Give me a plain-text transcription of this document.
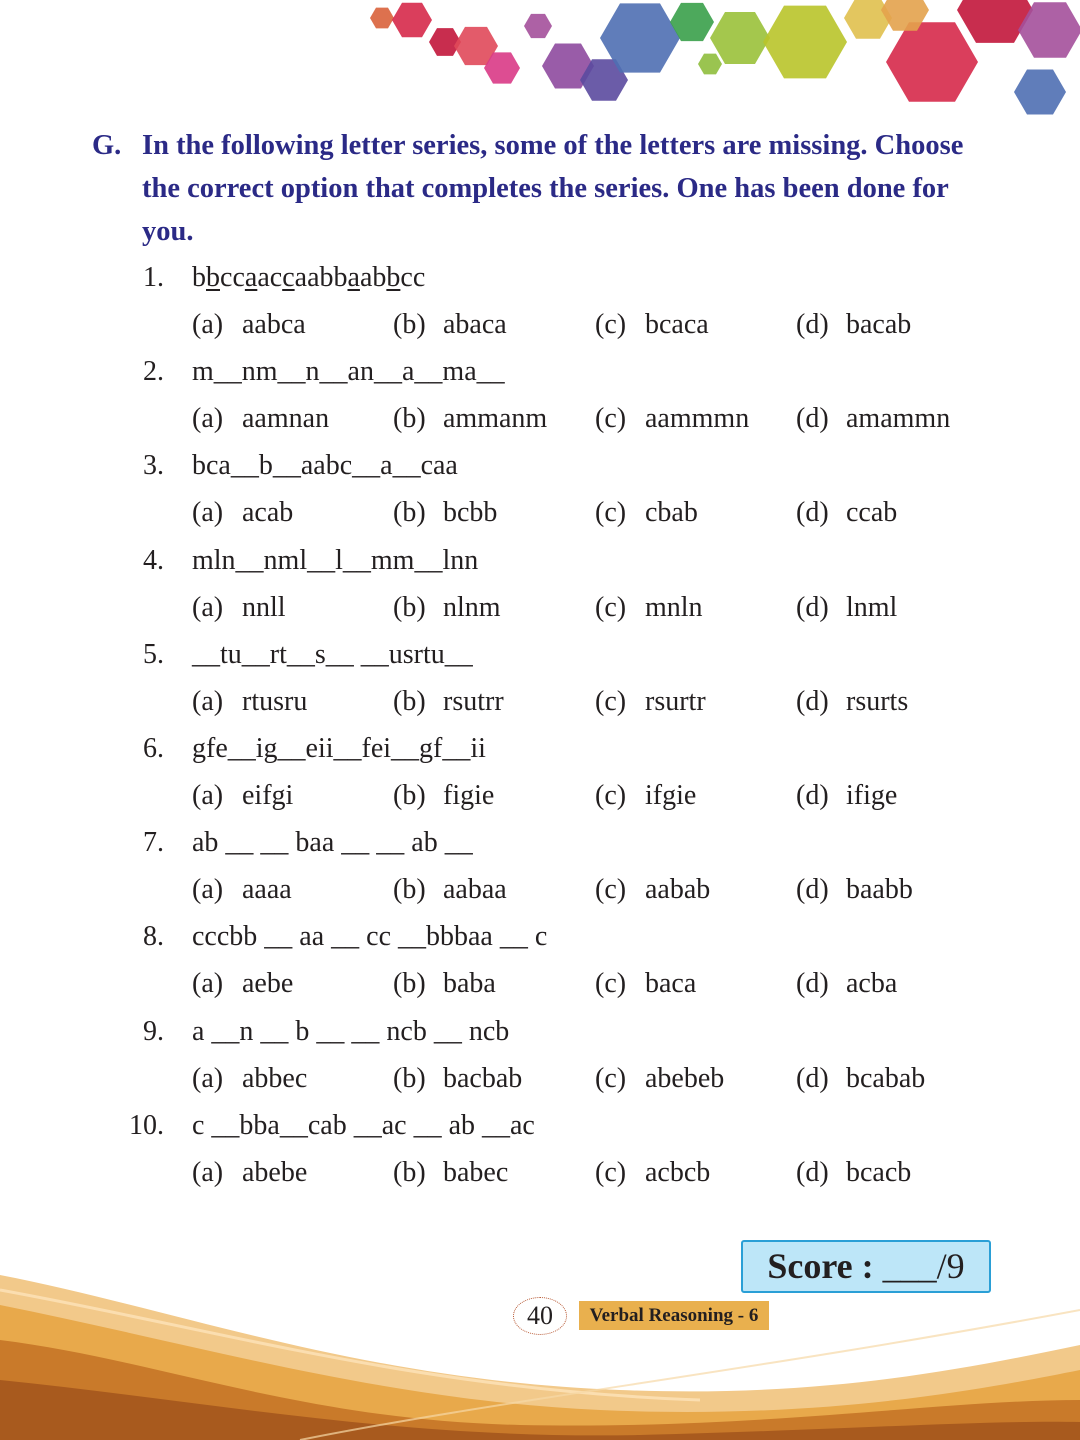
G. In the following letter series, some of the letters are missing. Choose the correct option that completes the series. One has been done for you.
1. bbccaaccaabbaabbcc
(a) aabca	(b) abaca	(c) bcaca	(d) bacab
2. m__nm__n__an__a__ma__
(a) aamnan (b) ammanm (c) aammmn (d) amammn
3. bca__b__aabc__a__caa
(a) acab	(b) bcbb	(c) cbab	(d) ccab
4. mln__nml__l__mm__lnn
(a) nnll	(b) nlnm	(c) mnln	(d) lnml
5. __tu__rt__s__ __usrtu__
(a) rtusru	(b) rsutrr	(c) rsurtr	(d) rsurts
6. gfe__ig__eii__fei__gf__ii
(a) eifgi	(b) figie	(c) ifgie	(d) ifige
7. ab __ __ baa __ __ ab __
(a) aaaa	(b) aabaa	(c) aabab	(d) baabb
8. cccbb __ aa __ cc __bbbaa __ c
(a) aebe	(b) baba	(c) baca	(d) acba
9. a __n __ b __ __ ncb __ ncb
(a) abbec	(b) bacbab	(c) abebeb	(d) bcabab
10. c __bba__cab __ac __ ab __ac
(a) abebe	(b) babec	(c) acbcb	(d) bcacb
Score : ___/9
40	Verbal Reasoning - 6
